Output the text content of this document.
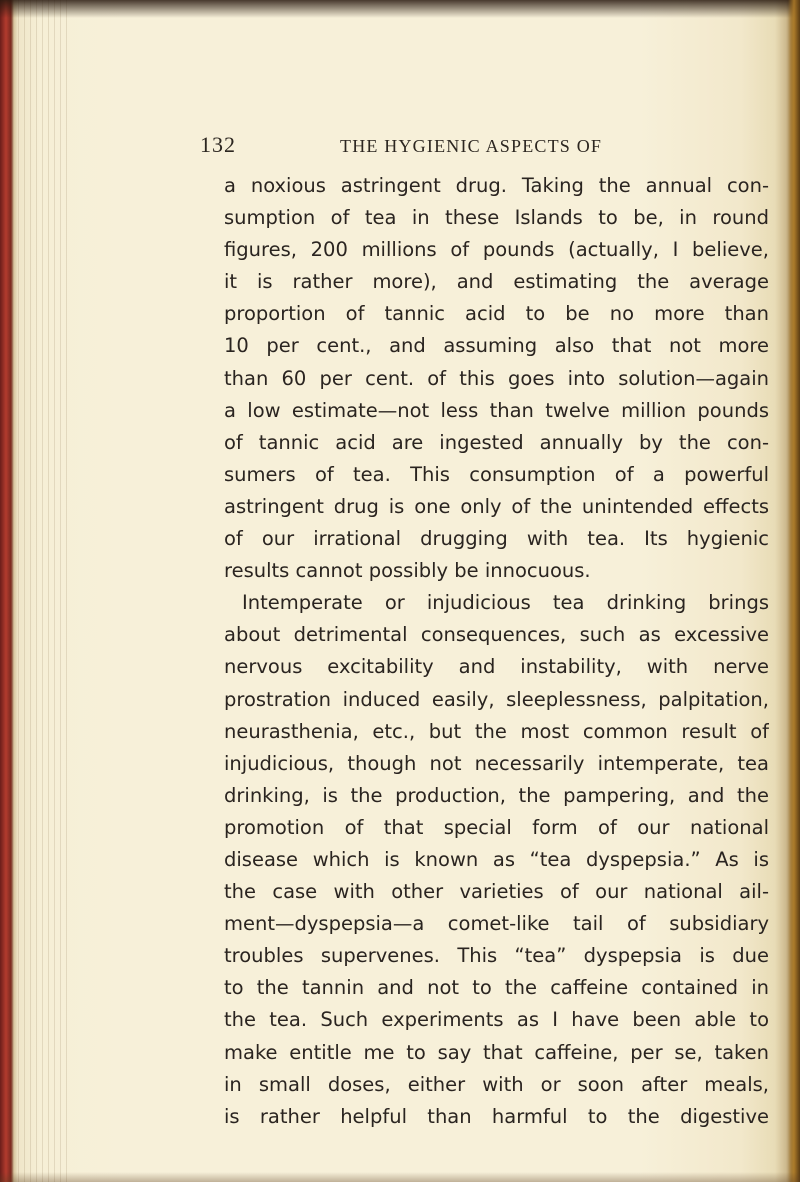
132	THE HYGIENIC ASPECTS OF
a noxious astringent drug. Taking the annual con-
sumption of tea in these Islands to be, in round
figures, 200 millions of pounds (actually, I believe,
it is rather more), and estimating the average
proportion of tannic acid to be no more than
10 per cent., and assuming also that not more
than 60 per cent. of this goes into solution—again
a low estimate—not less than twelve million pounds
of tannic acid are ingested annually by the con-
sumers of tea. This consumption of a powerful
astringent drug is one only of the unintended effects
of our irrational drugging with tea. Its hygienic
results cannot possibly be innocuous.
Intemperate or injudicious tea drinking brings
about detrimental consequences, such as excessive
nervous excitability and instability, with nerve
prostration induced easily, sleeplessness, palpitation,
neurasthenia, etc., but the most common result of
injudicious, though not necessarily intemperate, tea
drinking, is the production, the pampering, and the
promotion of that special form of our national
disease which is known as “tea dyspepsia.” As is
the case with other varieties of our national ail-
ment—dyspepsia—a comet-like tail of subsidiary
troubles supervenes. This “tea” dyspepsia is due
to the tannin and not to the caffeine contained in
the tea. Such experiments as I have been able to
make entitle me to say that caffeine, per se, taken
in small doses, either with or soon after meals,
is rather helpful than harmful to the digestive
